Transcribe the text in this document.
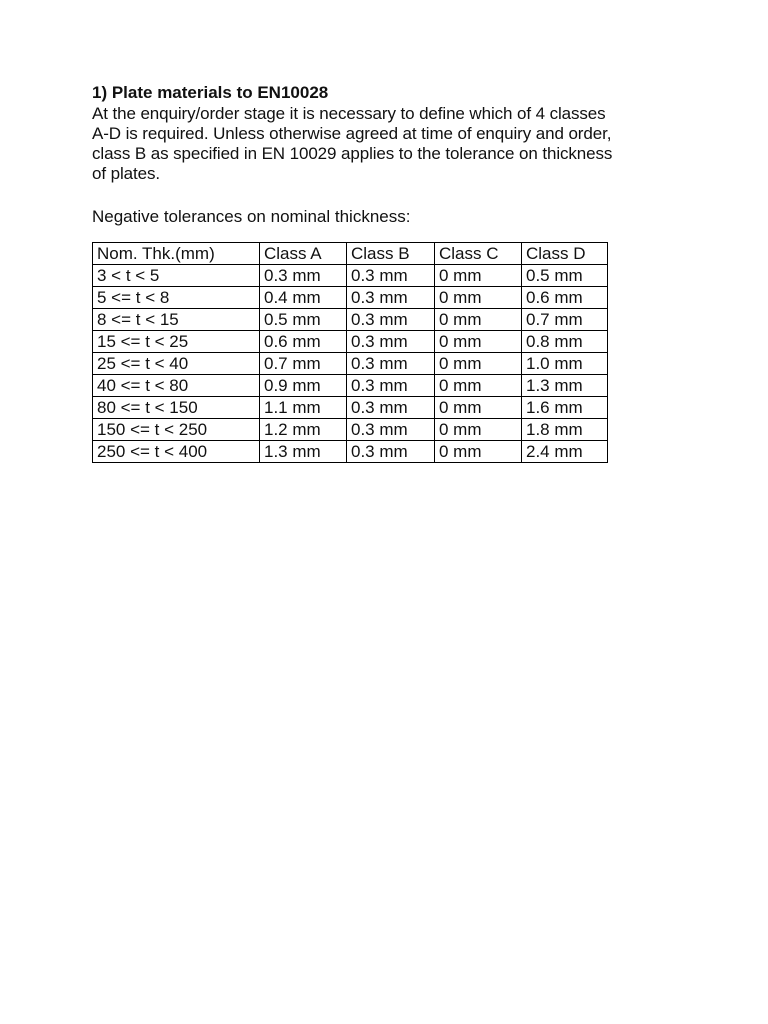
1) Plate materials to EN10028

At the enquiry/order stage it is necessary to define which of 4 classes

A-D is required. Unless otherwise agreed at time of enquiry and order,

class B as specified in EN 10029 applies to the tolerance on thickness

of plates.

Negative tolerances on nominal thickness:

Nom. Thk.(mm)	Class A	Class B	Class C	Class D
3 < t < 5	0.3 mm	0.3 mm	0 mm	0.5 mm
5 <= t < 8	0.4 mm	0.3 mm	0 mm	0.6 mm
8 <= t < 15	0.5 mm	0.3 mm	0 mm	0.7 mm
15 <= t < 25	0.6 mm	0.3 mm	0 mm	0.8 mm
25 <= t < 40	0.7 mm	0.3 mm	0 mm	1.0 mm
40 <= t < 80	0.9 mm	0.3 mm	0 mm	1.3 mm
80 <= t < 150	1.1 mm	0.3 mm	0 mm	1.6 mm
150 <= t < 250	1.2 mm	0.3 mm	0 mm	1.8 mm
250 <= t < 400	1.3 mm	0.3 mm	0 mm	2.4 mm
